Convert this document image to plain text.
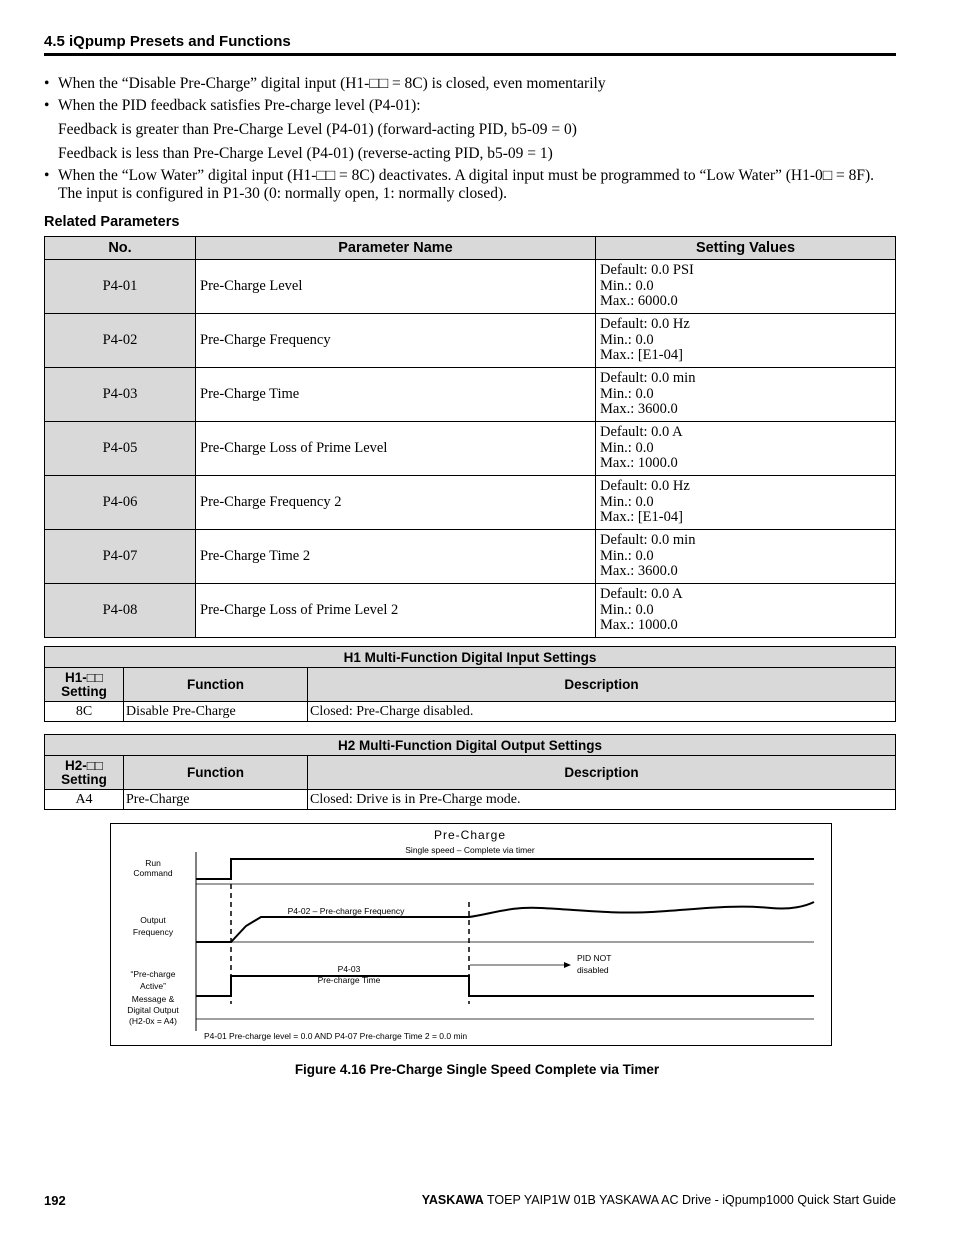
4.5 iQpump Presets and Functions
• When the “Disable Pre-Charge” digital input (H1-□□ = 8C) is closed, even momentarily
• When the PID feedback satisfies Pre-charge level (P4-01):
Feedback is greater than Pre-Charge Level (P4-01) (forward-acting PID, b5-09 = 0)
Feedback is less than Pre-Charge Level (P4-01) (reverse-acting PID, b5-09 = 1)
• When the “Low Water” digital input (H1-□□ = 8C) deactivates. A digital input must be programmed to “Low Water” (H1-0□ = 8F). The input is configured in P1-30 (0: normally open, 1: normally closed).
Related Parameters
No.	Parameter Name	Setting Values
P4-01	Pre-Charge Level	Default: 0.0 PSI
Min.: 0.0
Max.: 6000.0

P4-02	Pre-Charge Frequency	Default: 0.0 Hz
Min.: 0.0
Max.: [E1-04]

P4-03	Pre-Charge Time	Default: 0.0 min
Min.: 0.0
Max.: 3600.0

P4-05	Pre-Charge Loss of Prime Level	Default: 0.0 A
Min.: 0.0
Max.: 1000.0

P4-06	Pre-Charge Frequency 2	Default: 0.0 Hz
Min.: 0.0
Max.: [E1-04]

P4-07	Pre-Charge Time 2	Default: 0.0 min
Min.: 0.0
Max.: 3600.0

P4-08	Pre-Charge Loss of Prime Level 2	Default: 0.0 A
Min.: 0.0
Max.: 1000.0
H1 Multi-Function Digital Input Settings		

H1-□□
Setting	Function	Description
8C	Disable Pre-Charge	Closed: Pre-Charge disabled.
H2 Multi-Function Digital Output Settings		

H2-□□
Setting	Function	Description
A4	Pre-Charge	Closed: Drive is in Pre-Charge mode.
Pre-Charge
Single speed – Complete via timer
Run
Command
Output
Frequency
“Pre-charge
Active”
Message &
Digital Output
(H2-0x = A4)
P4-02 – Pre-charge Frequency
P4-03
Pre-charge Time
PID NOT
disabled
P4-01 Pre-charge level = 0.0 AND P4-07 Pre-charge Time 2 = 0.0 min
Figure 4.16 Pre-Charge Single Speed Complete via Timer
192	YASKAWA TOEP YAIP1W 01B YASKAWA AC Drive - iQpump1000 Quick Start Guide
